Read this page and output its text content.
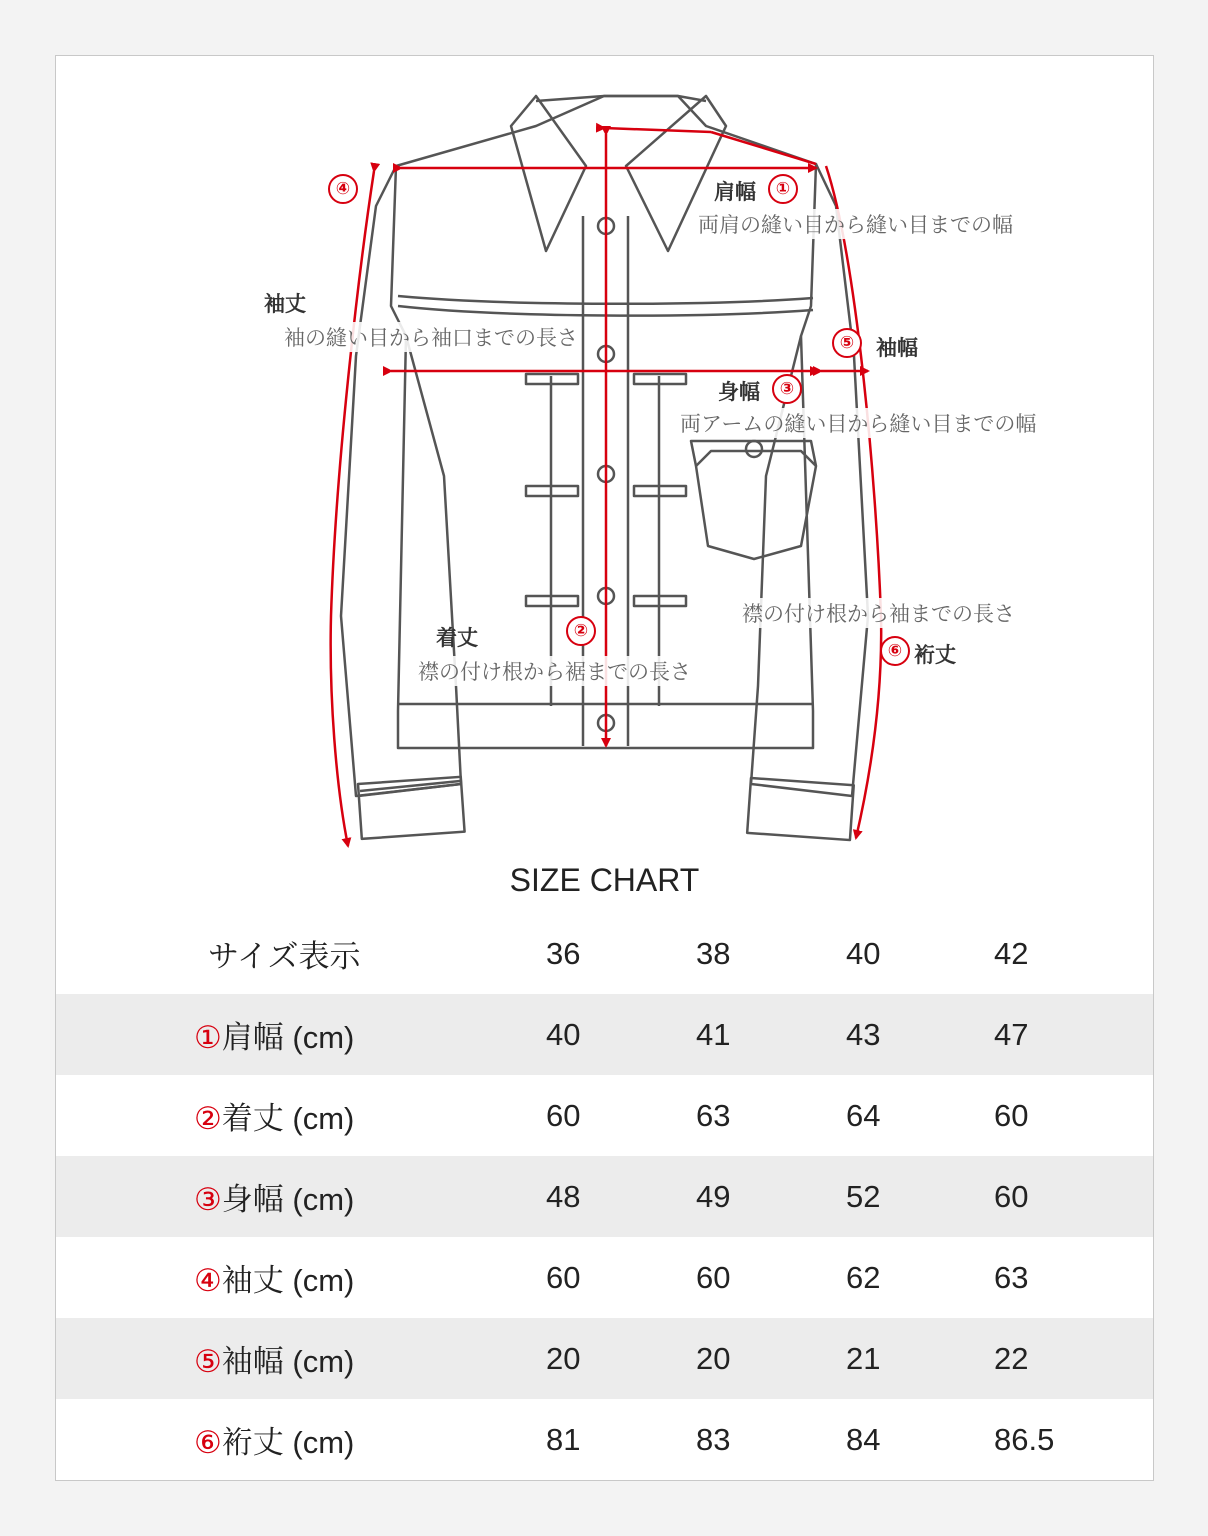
④	肩幅	①
両肩の縫い目から縫い目までの幅
袖丈
袖の縫い目から袖口までの長さ	⑤	袖幅
身幅	③
両アームの縫い目から縫い目までの幅
襟の付け根から袖までの長さ
⑥ 裄丈
着丈	②
襟の付け根から裾までの長さ
SIZE CHART
サイズ表示	36	38	40	42
①肩幅 (cm)	40	41	43	47
②着丈 (cm)	60	63	64	60
③身幅 (cm)	48	49	52	60
④袖丈 (cm)	60	60	62	63
⑤袖幅 (cm)	20	20	21	22
⑥裄丈 (cm)	81	83	84	86.5
